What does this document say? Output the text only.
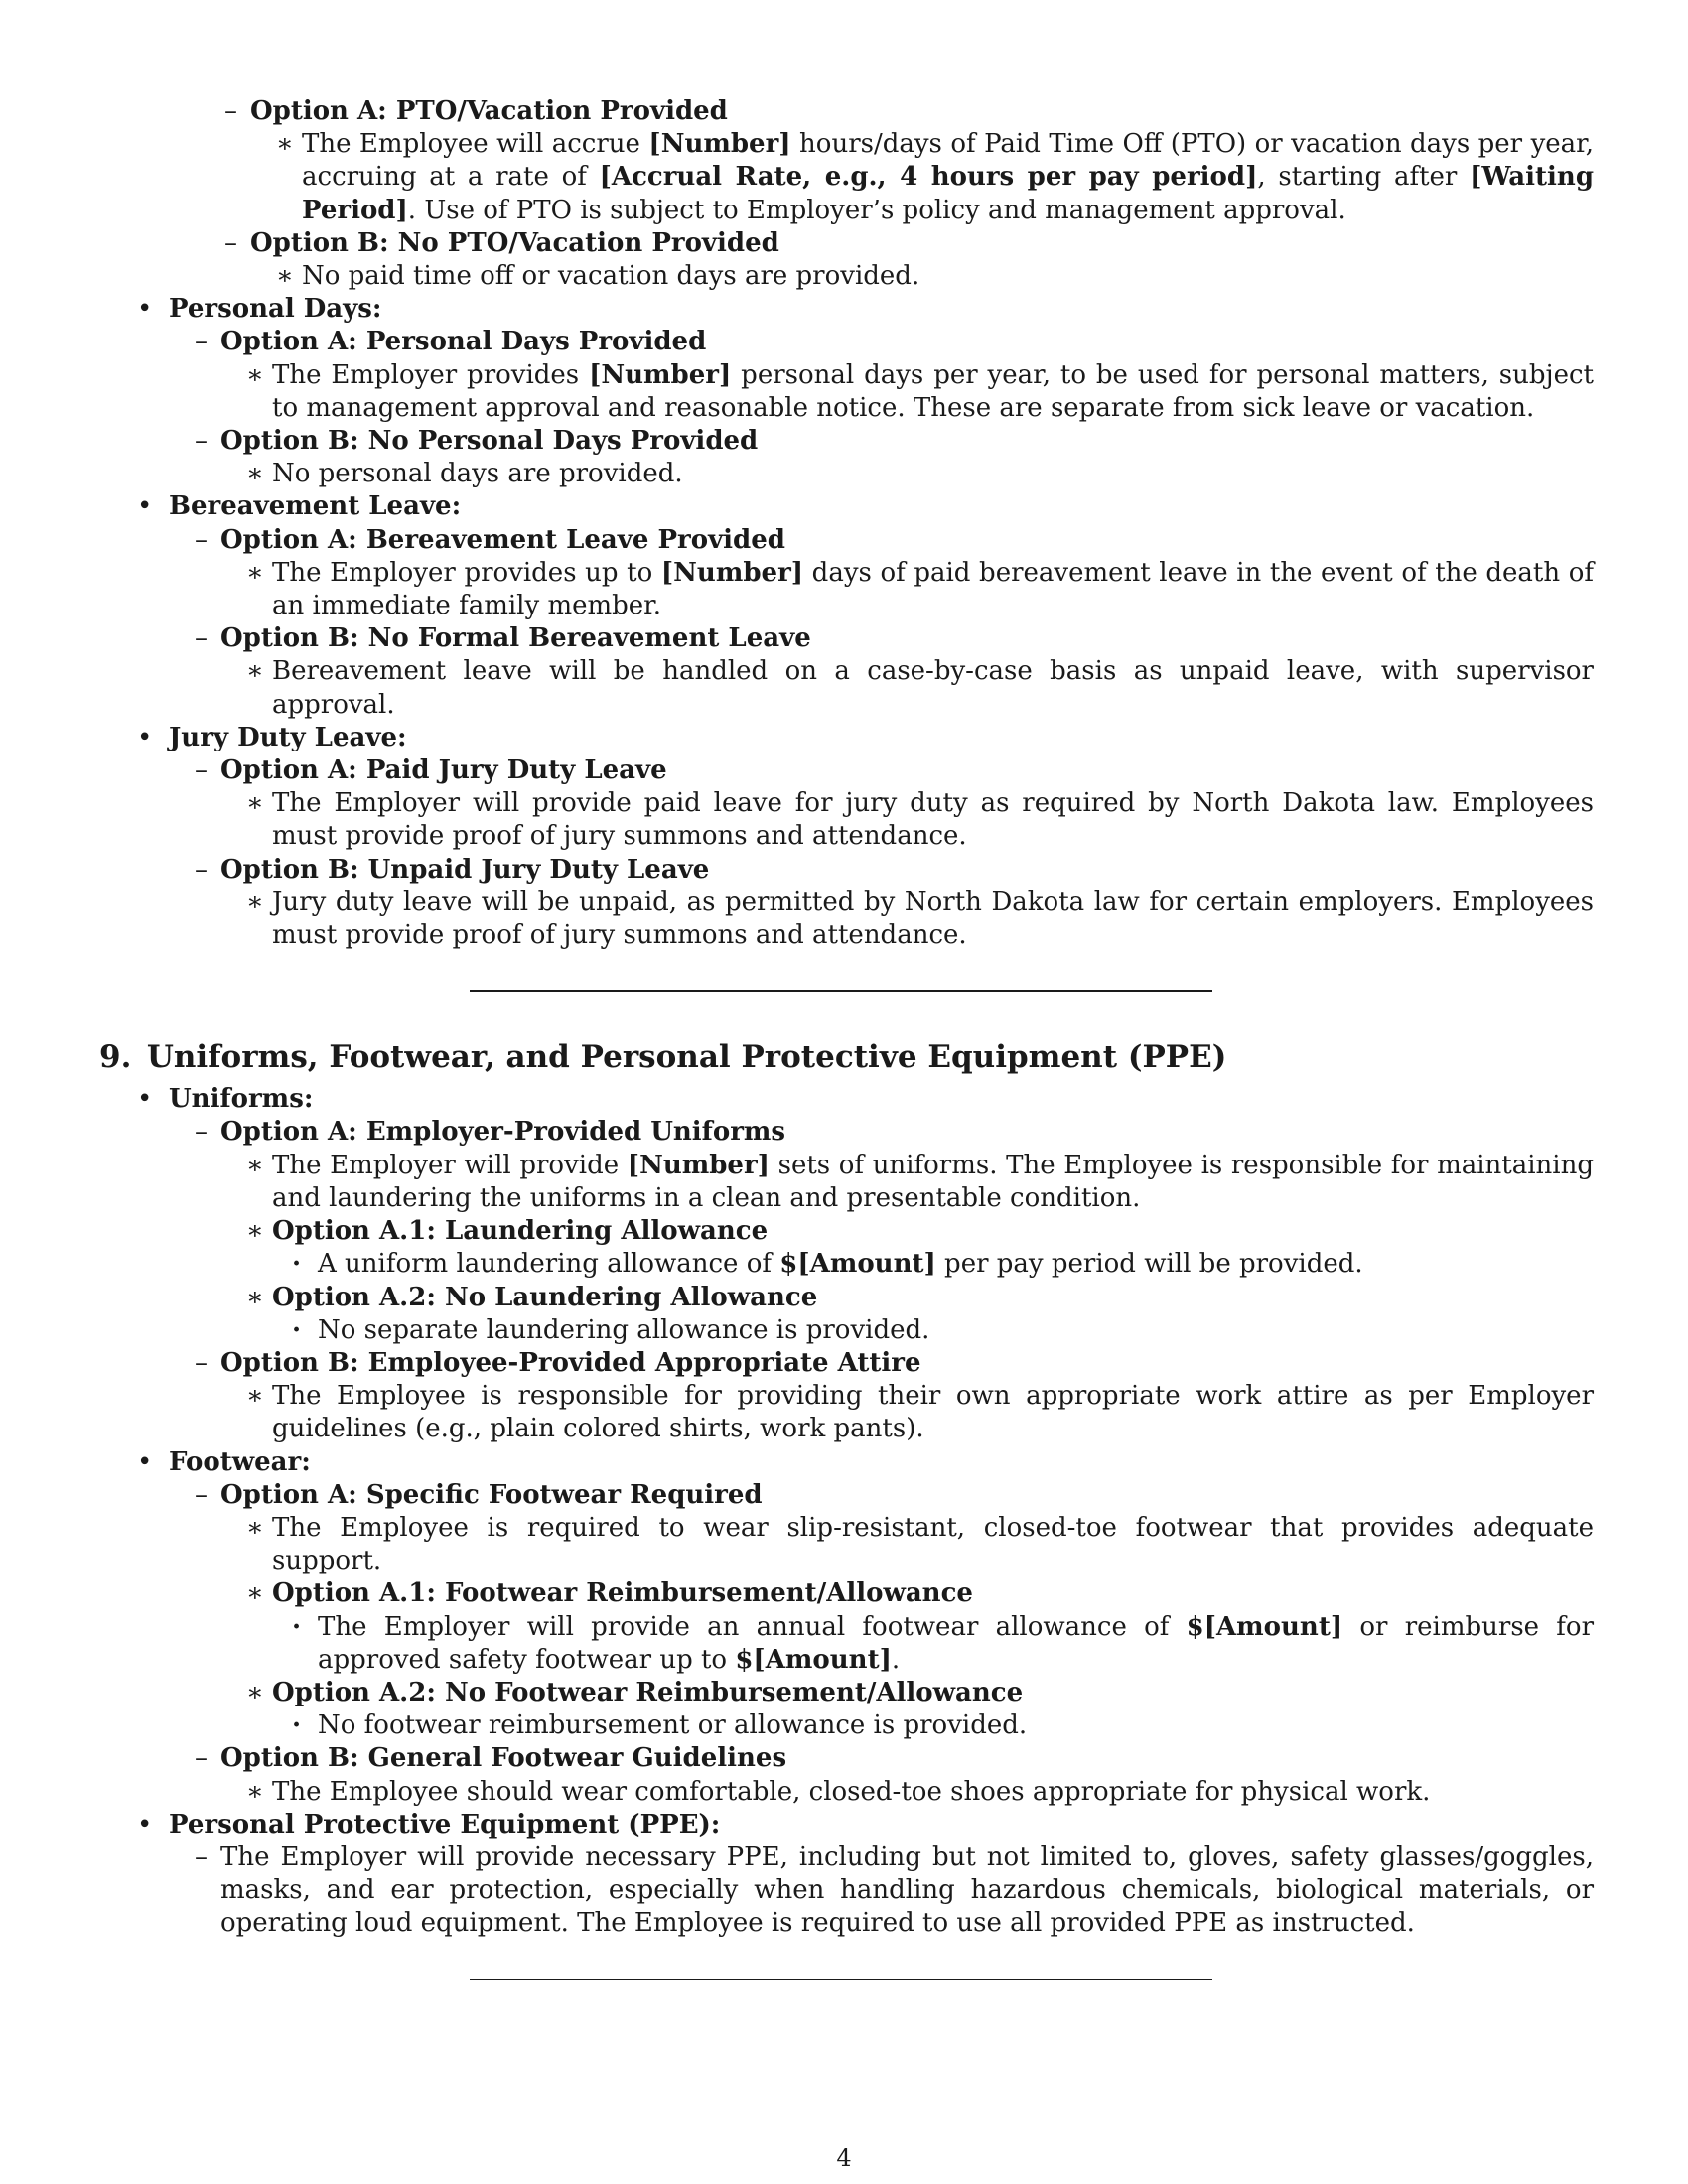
– Option A: PTO/Vacation Provided
∗ The Employee will accrue [Number] hours/days of Paid Time Off (PTO) or vacation days per year, accruing at a rate of [Accrual Rate, e.g., 4 hours per pay period], starting after [Waiting Period]. Use of PTO is subject to Employer’s policy and management approval.
– Option B: No PTO/Vacation Provided
∗ No paid time off or vacation days are provided.
• Personal Days:
– Option A: Personal Days Provided
∗ The Employer provides [Number] personal days per year, to be used for personal matters, subject to management approval and reasonable notice. These are separate from sick leave or vacation.
– Option B: No Personal Days Provided
∗ No personal days are provided.
• Bereavement Leave:
– Option A: Bereavement Leave Provided
∗ The Employer provides up to [Number] days of paid bereavement leave in the event of the death of an immediate family member.
– Option B: No Formal Bereavement Leave
∗ Bereavement leave will be handled on a case-by-case basis as unpaid leave, with supervisor approval.
• Jury Duty Leave:
– Option A: Paid Jury Duty Leave
∗ The Employer will provide paid leave for jury duty as required by North Dakota law. Employees must provide proof of jury summons and attendance.
– Option B: Unpaid Jury Duty Leave
∗ Jury duty leave will be unpaid, as permitted by North Dakota law for certain employers. Employees must provide proof of jury summons and attendance.
9. Uniforms, Footwear, and Personal Protective Equipment (PPE)
• Uniforms:
– Option A: Employer-Provided Uniforms
∗ The Employer will provide [Number] sets of uniforms. The Employee is responsible for maintaining and laundering the uniforms in a clean and presentable condition.
∗ Option A.1: Laundering Allowance
· A uniform laundering allowance of $[Amount] per pay period will be provided.
∗ Option A.2: No Laundering Allowance
· No separate laundering allowance is provided.
– Option B: Employee-Provided Appropriate Attire
∗ The Employee is responsible for providing their own appropriate work attire as per Employer guidelines (e.g., plain colored shirts, work pants).
• Footwear:
– Option A: Specific Footwear Required
∗ The Employee is required to wear slip-resistant, closed-toe footwear that provides adequate support.
∗ Option A.1: Footwear Reimbursement/Allowance
· The Employer will provide an annual footwear allowance of $[Amount] or reimburse for approved safety footwear up to $[Amount].
∗ Option A.2: No Footwear Reimbursement/Allowance
· No footwear reimbursement or allowance is provided.
– Option B: General Footwear Guidelines
∗ The Employee should wear comfortable, closed-toe shoes appropriate for physical work.
• Personal Protective Equipment (PPE):
– The Employer will provide necessary PPE, including but not limited to, gloves, safety glasses/goggles, masks, and ear protection, especially when handling hazardous chemicals, biological materials, or operating loud equipment. The Employee is required to use all provided PPE as instructed.
4
